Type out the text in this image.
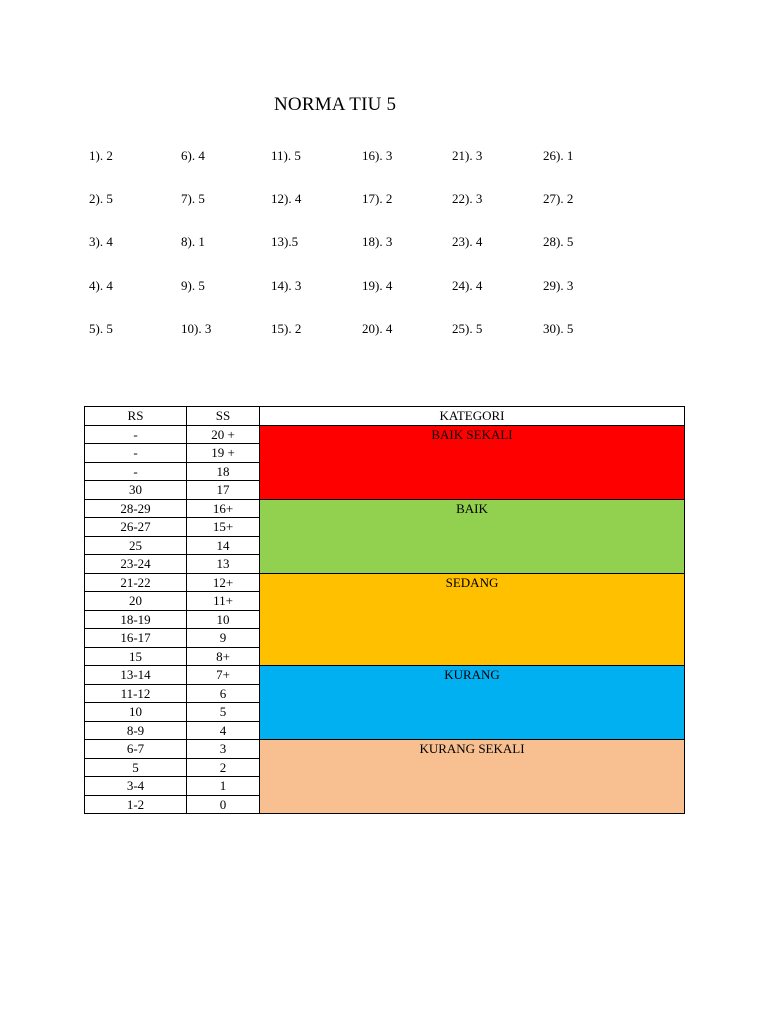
NORMA TIU 5
1). 2
2). 5
3). 4
4). 4
5). 5
6). 4
7). 5
8). 1
9). 5
10). 3
11). 5
12). 4
13).5
14). 3
15). 2
16). 3
17). 2
18). 3
19). 4
20). 4
21). 3
22). 3
23). 4
24). 4
25). 5
26). 1
27). 2
28). 5
29). 3
30). 5
RS	SS	KATEGORI
-	20 +	BAIK SEKALI
-	19 +	
-	18	
30	17	
28-29	16+	BAIK
26-27	15+	
25	14	
23-24	13	
21-22	12+	SEDANG
20	11+	
18-19	10	
16-17	9	
15	8+	
13-14	7+	KURANG
11-12	6	
10	5	
8-9	4	
6-7	3	KURANG SEKALI
5	2	
3-4	1	
1-2	0	
